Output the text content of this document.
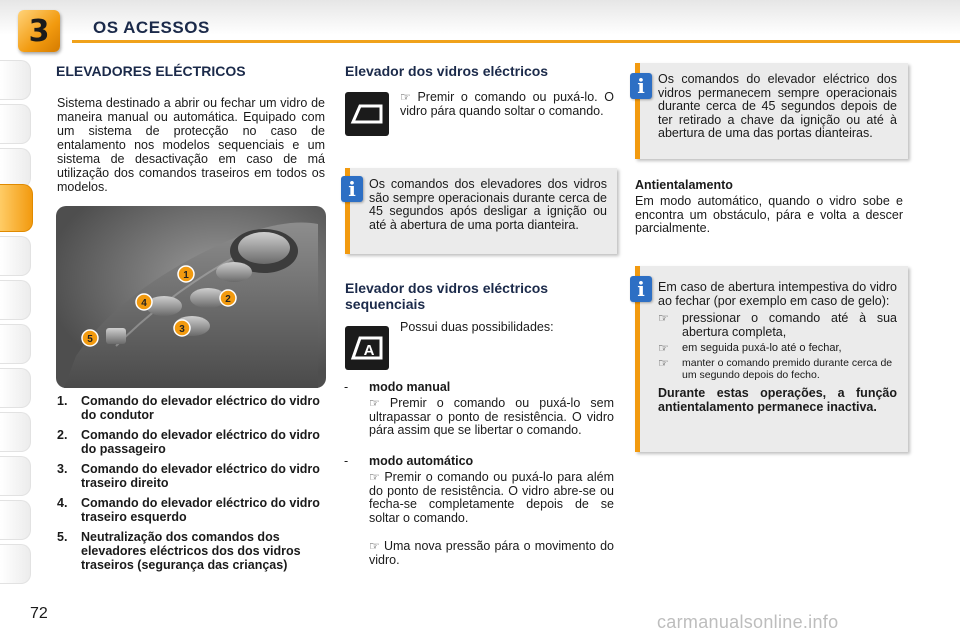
3	OS ACESSOS
ELEVADORES ELÉCTRICOS

Sistema destinado a abrir ou fechar um vidro de maneira manual ou automática. Equipado com um sistema de protecção no caso de entalamento nos modelos sequenciais e um sistema de desactivação em caso de má utilização dos comandos traseiros em todos os modelos.

1
2
3
4
5
1.	Comando do elevador eléctrico do vidro do condutor
2.	Comando do elevador eléctrico do vidro do passageiro
3.	Comando do elevador eléctrico do vidro traseiro direito
4.	Comando do elevador eléctrico do vidro traseiro esquerdo
5.	Neutralização dos comandos dos elevadores eléctricos dos dos vidros traseiros (segurança das crianças)
Elevador dos vidros eléctricos
☞ Premir o comando ou puxá-lo. O vidro pára quando soltar o comando.
i Os comandos dos elevadores dos vidros são sempre operacionais durante cerca de 45 segundos após desligar a ignição ou até à abertura de uma porta dianteira.

Elevador dos vidros eléctricos sequenciais
A
Possui duas possibilidades:
- modo manual
☞ Premir o comando ou puxá-lo sem ultrapassar o ponto de resistência. O vidro pára assim que se libertar o comando.
- modo automático
☞ Premir o comando ou puxá-lo para além do ponto de resistência. O vidro abre-se ou fecha-se completamente depois de se soltar o comando.
☞ Uma nova pressão pára o movimento do vidro.
i Os comandos do elevador eléctrico dos vidros permanecem sempre operacionais durante cerca de 45 segundos depois de ter retirado a chave da ignição ou até à abertura de uma das portas dianteiras.

Antientalamento

Em modo automático, quando o vidro sobe e encontra um obstáculo, pára e volta a descer parcialmente.

i Em caso de abertura intempestiva do vidro ao fechar (por exemplo em caso de gelo):

☞	pressionar o comando até à sua abertura completa,
☞	em seguida puxá-lo até o fechar,
☞	manter o comando premido durante cerca de um segundo depois do fecho.

Durante estas operações, a função antientalamento permanece inactiva.

72	carmanualsonline.info
